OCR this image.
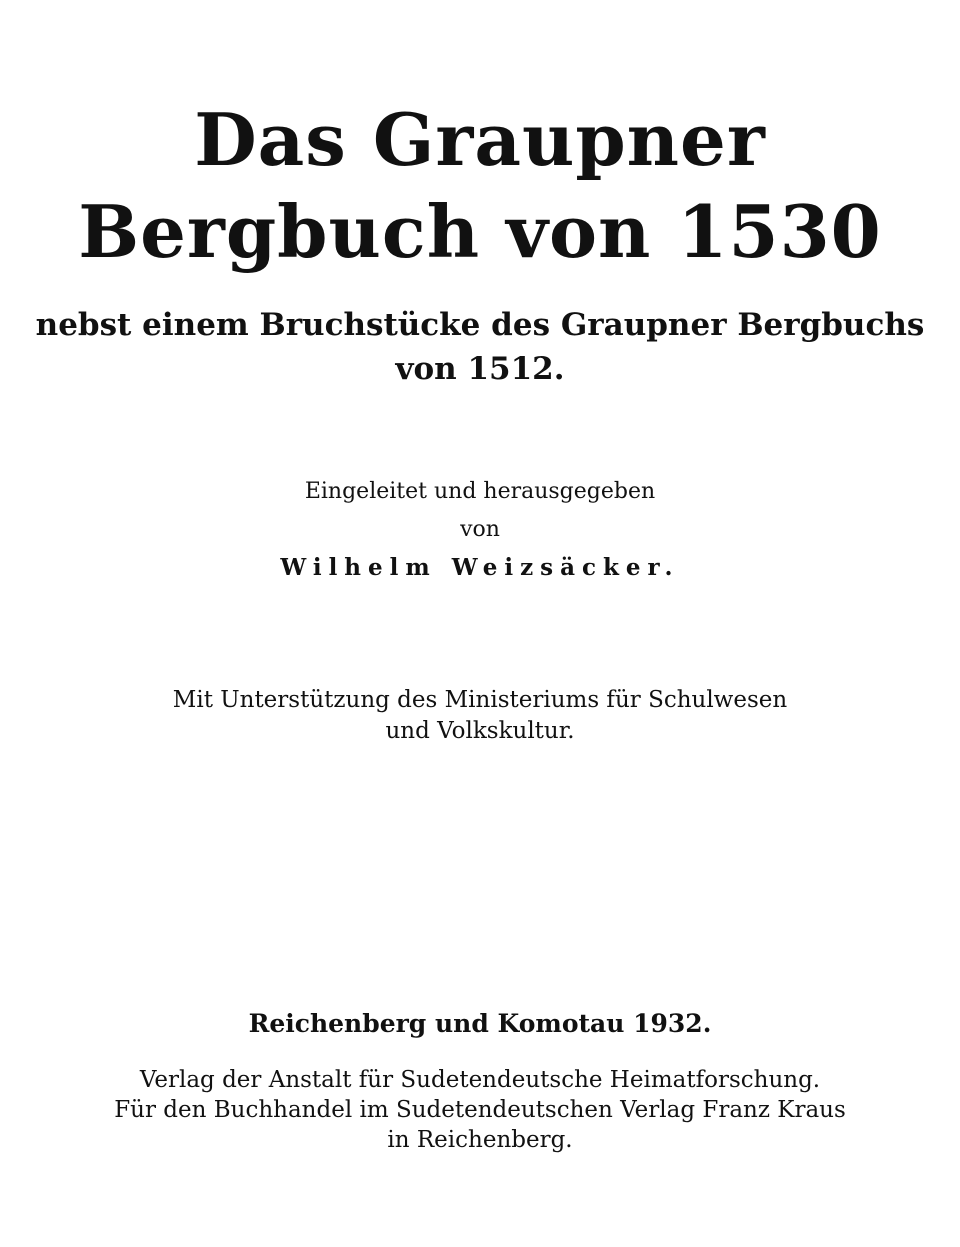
Das Graupner
Bergbuch von 1530
nebst einem Bruchstücke des Graupner Bergbuchs
von 1512.
Eingeleitet und herausgegeben
von
Wilhelm Weizsäcker.
Mit Unterstützung des Ministeriums für Schulwesen
und Volkskultur.
Reichenberg und Komotau 1932.
Verlag der Anstalt für Sudetendeutsche Heimatforschung.
Für den Buchhandel im Sudetendeutschen Verlag Franz Kraus
in Reichenberg.
